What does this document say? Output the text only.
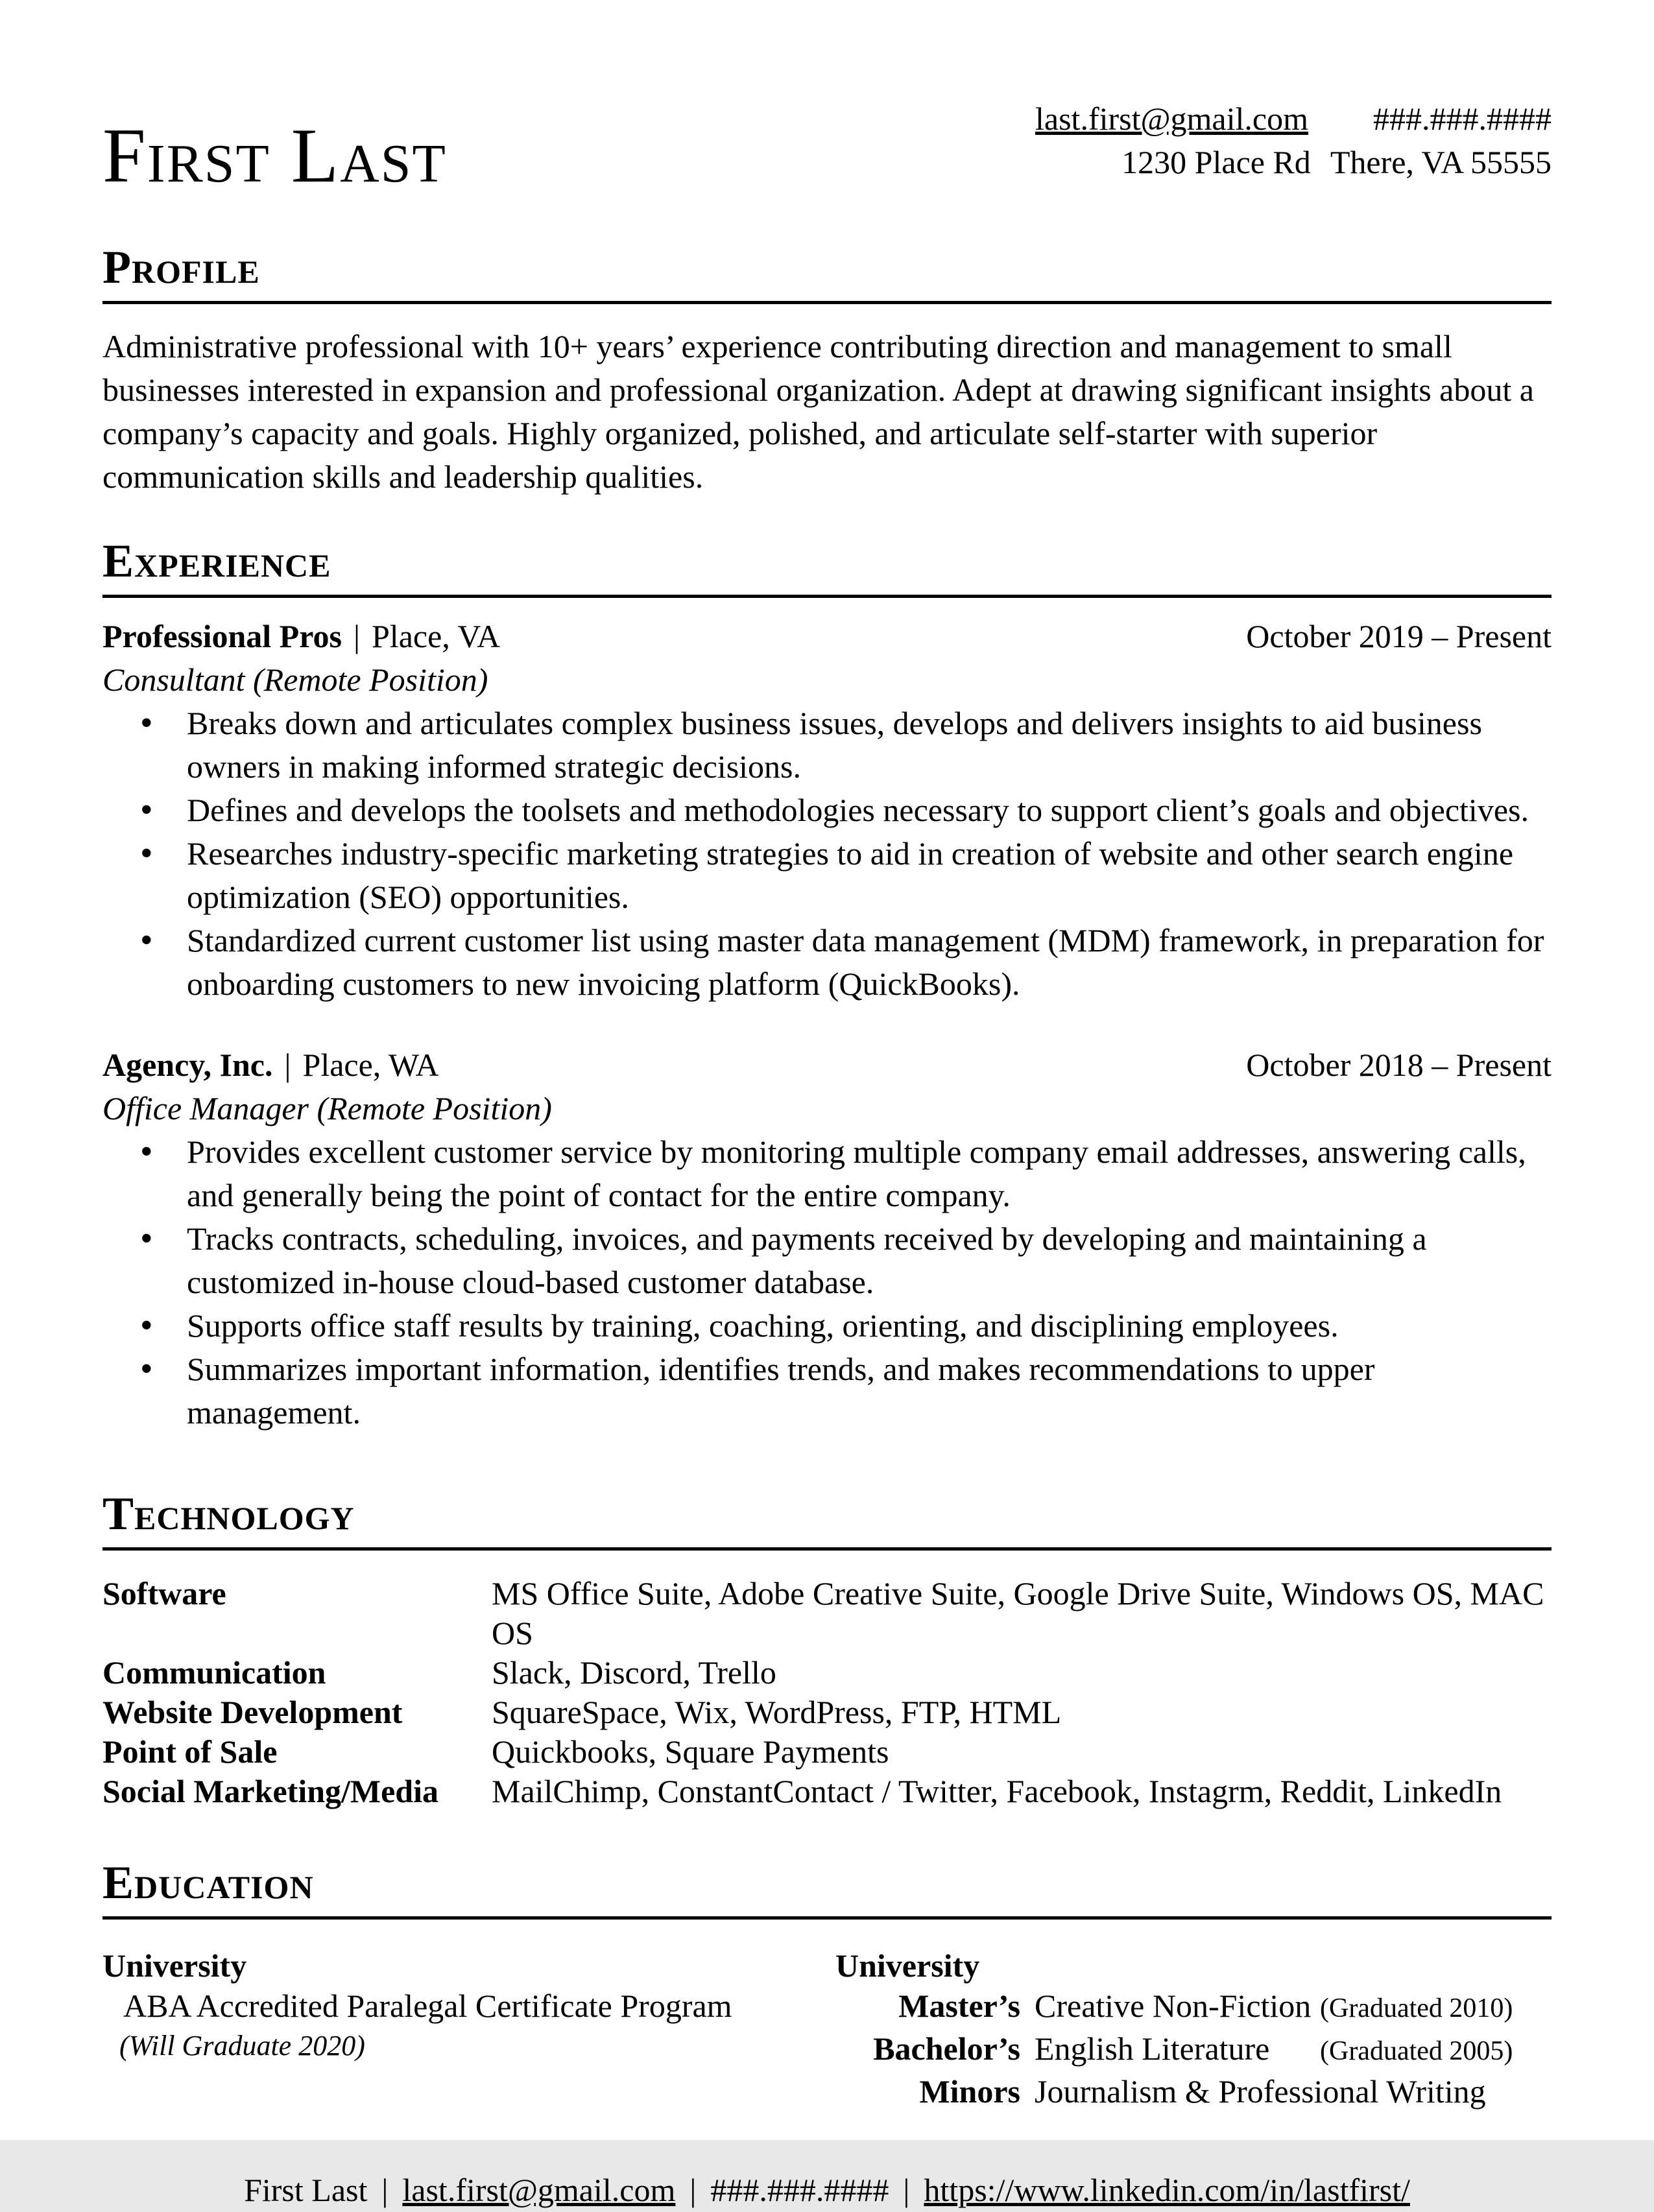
First Last	last.first@gmail.com ###.###.####
1230 Place Rd There, VA 55555
Profile
Administrative professional with 10+ years’ experience contributing direction and management to small businesses interested in expansion and professional organization. Adept at drawing significant insights about a company’s capacity and goals. Highly organized, polished, and articulate self-starter with superior communication skills and leadership qualities.
Experience
Professional Pros | Place, VA	October 2019 – Present
Consultant (Remote Position)
• Breaks down and articulates complex business issues, develops and delivers insights to aid business owners in making informed strategic decisions.
• Defines and develops the toolsets and methodologies necessary to support client’s goals and objectives.
• Researches industry-specific marketing strategies to aid in creation of website and other search engine optimization (SEO) opportunities.
• Standardized current customer list using master data management (MDM) framework, in preparation for onboarding customers to new invoicing platform (QuickBooks).
Agency, Inc. | Place, WA	October 2018 – Present
Office Manager (Remote Position)
• Provides excellent customer service by monitoring multiple company email addresses, answering calls, and generally being the point of contact for the entire company.
• Tracks contracts, scheduling, invoices, and payments received by developing and maintaining a customized in-house cloud-based customer database.
• Supports office staff results by training, coaching, orienting, and disciplining employees.
• Summarizes important information, identifies trends, and makes recommendations to upper management.
Technology
Software	MS Office Suite, Adobe Creative Suite, Google Drive Suite, Windows OS, MAC OS
Communication	Slack, Discord, Trello
Website Development	SquareSpace, Wix, WordPress, FTP, HTML
Point of Sale	Quickbooks, Square Payments
Social Marketing/Media	MailChimp, ConstantContact / Twitter, Facebook, Instagrm, Reddit, LinkedIn
Education
University
ABA Accredited Paralegal Certificate Program
(Will Graduate 2020)
University
Master’s Creative Non-Fiction (Graduated 2010)
Bachelor’s English Literature	(Graduated 2005)
Minors Journalism & Professional Writing
First Last | last.first@gmail.com | ###.###.#### | https://www.linkedin.com/in/lastfirst/
